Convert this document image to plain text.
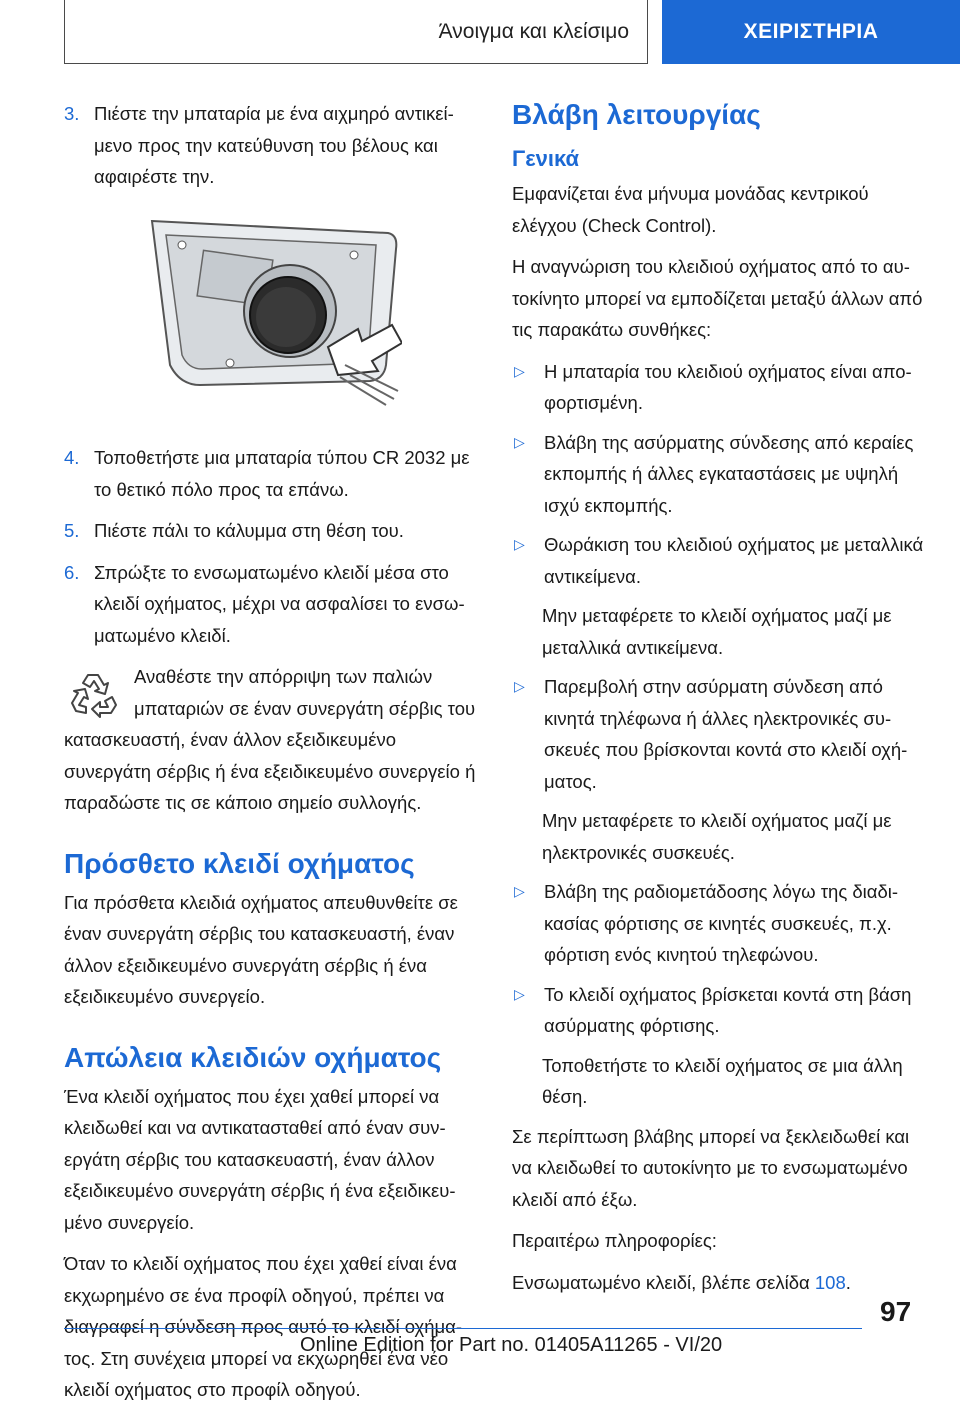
Άνοιγμα και κλείσιμο	ΧΕΙΡΙΣΤΗΡΙΑ
3. Πιέστε την μπαταρία με ένα αιχμηρό αντικείμενο προς την κατεύθυνση του βέλους και αφαιρέστε την.
4. Τοποθετήστε μια μπαταρία τύπου CR 2032 με το θετικό πόλο προς τα επάνω.
5. Πιέστε πάλι το κάλυμμα στη θέση του.
6. Σπρώξτε το ενσωματωμένο κλειδί μέσα στο κλειδί οχήματος, μέχρι να ασφαλίσει το ενσωματωμένο κλειδί.

Αναθέστε την απόρριψη των παλιών μπαταριών σε έναν συνεργάτη σέρβις του κατασκευαστή, έναν άλλον εξειδικευμένο συνεργάτη σέρβις ή ένα εξειδικευμένο συνεργείο ή παραδώστε τις σε κάποιο σημείο συλλογής.

Πρόσθετο κλειδί οχήματος

Για πρόσθετα κλειδιά οχήματος απευθυνθείτε σε έναν συνεργάτη σέρβις του κατασκευαστή, έναν άλλον εξειδικευμένο συνεργάτη σέρβις ή ένα εξειδικευμένο συνεργείο.

Απώλεια κλειδιών οχήματος

Ένα κλειδί οχήματος που έχει χαθεί μπορεί να κλειδωθεί και να αντικατασταθεί από έναν συνεργάτη σέρβις του κατασκευαστή, έναν άλλον εξειδικευμένο συνεργάτη σέρβις ή ένα εξειδικευμένο συνεργείο.

Όταν το κλειδί οχήματος που έχει χαθεί είναι ένα εκχωρημένο σε ένα προφίλ οδηγού, πρέπει να διαγραφεί η σύνδεση προς αυτό το κλειδί οχήματος. Στη συνέχεια μπορεί να εκχωρηθεί ένα νέο κλειδί οχήματος στο προφίλ οδηγού.

Βλάβη λειτουργίας
Γενικά

Εμφανίζεται ένα μήνυμα μονάδας κεντρικού ελέγχου (Check Control).

Η αναγνώριση του κλειδιού οχήματος από το αυτοκίνητο μπορεί να εμποδίζεται μεταξύ άλλων από τις παρακάτω συνθήκες:

▷	Η μπαταρία του κλειδιού οχήματος είναι αποφορτισμένη.
▷	Βλάβη της ασύρματης σύνδεσης από κεραίες εκπομπής ή άλλες εγκαταστάσεις με υψηλή ισχύ εκπομπής.
▷	Θωράκιση του κλειδιού οχήματος με μεταλλικά αντικείμενα.
Μην μεταφέρετε το κλειδί οχήματος μαζί με μεταλλικά αντικείμενα.
▷	Παρεμβολή στην ασύρματη σύνδεση από κινητά τηλέφωνα ή άλλες ηλεκτρονικές συσκευές που βρίσκονται κοντά στο κλειδί οχήματος.
Μην μεταφέρετε το κλειδί οχήματος μαζί με ηλεκτρονικές συσκευές.
▷	Βλάβη της ραδιομετάδοσης λόγω της διαδικασίας φόρτισης σε κινητές συσκευές, π.χ. φόρτιση ενός κινητού τηλεφώνου.
▷	Το κλειδί οχήματος βρίσκεται κοντά στη βάση ασύρματης φόρτισης.
Τοποθετήστε το κλειδί οχήματος σε μια άλλη θέση.

Σε περίπτωση βλάβης μπορεί να ξεκλειδωθεί και να κλειδωθεί το αυτοκίνητο με το ενσωματωμένο κλειδί από έξω.

Περαιτέρω πληροφορίες:

Ενσωματωμένο κλειδί, βλέπε σελίδα 108.

97
Online Edition for Part no. 01405A11265 - VI/20
